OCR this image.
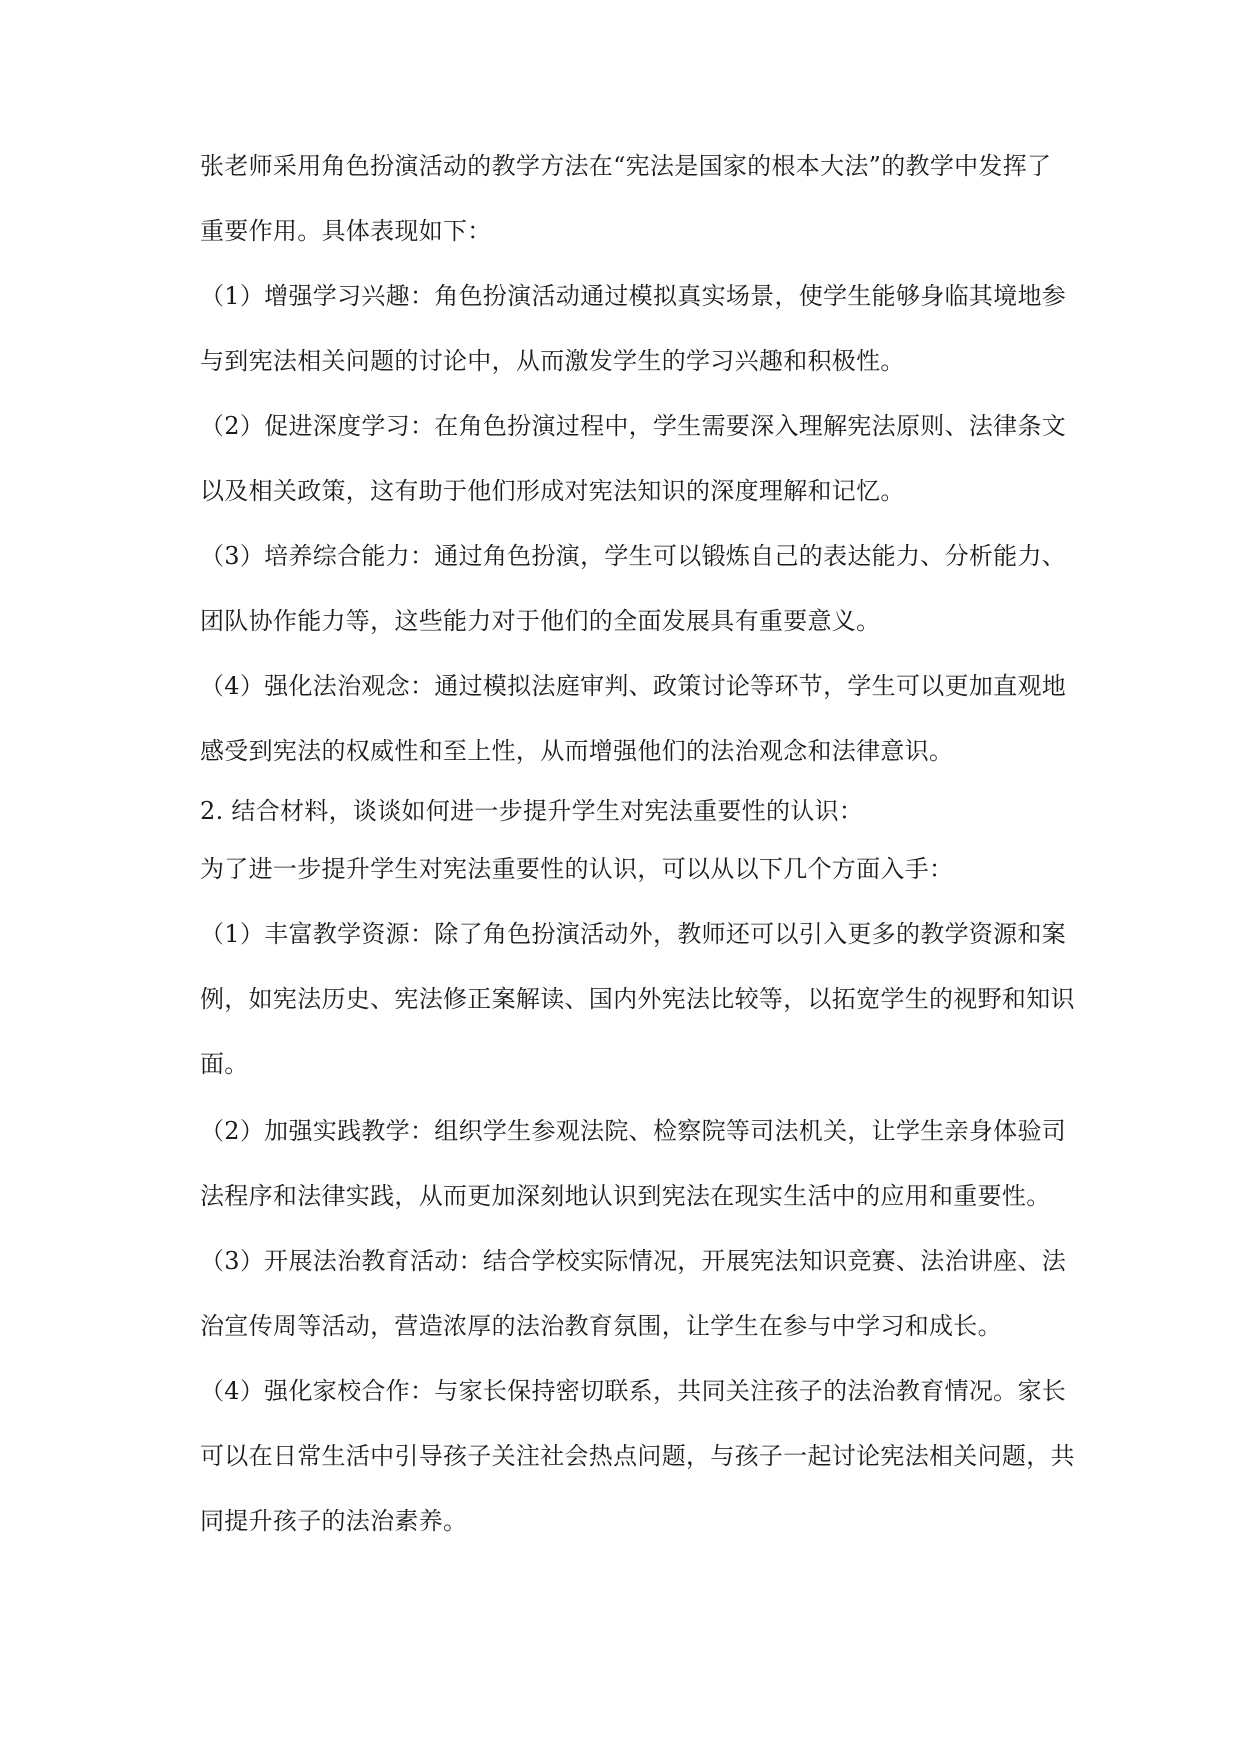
张老师采用角色扮演活动的教学方法在“宪法是国家的根本大法”的教学中发挥了
重要作用。具体表现如下：
（1）增强学习兴趣：角色扮演活动通过模拟真实场景，使学生能够身临其境地参
与到宪法相关问题的讨论中，从而激发学生的学习兴趣和积极性。
（2）促进深度学习：在角色扮演过程中，学生需要深入理解宪法原则、法律条文
以及相关政策，这有助于他们形成对宪法知识的深度理解和记忆。
（3）培养综合能力：通过角色扮演，学生可以锻炼自己的表达能力、分析能力、
团队协作能力等，这些能力对于他们的全面发展具有重要意义。
（4）强化法治观念：通过模拟法庭审判、政策讨论等环节，学生可以更加直观地
感受到宪法的权威性和至上性，从而增强他们的法治观念和法律意识。
2. 结合材料，谈谈如何进一步提升学生对宪法重要性的认识：
为了进一步提升学生对宪法重要性的认识，可以从以下几个方面入手：
（1）丰富教学资源：除了角色扮演活动外，教师还可以引入更多的教学资源和案
例，如宪法历史、宪法修正案解读、国内外宪法比较等，以拓宽学生的视野和知识
面。
（2）加强实践教学：组织学生参观法院、检察院等司法机关，让学生亲身体验司
法程序和法律实践，从而更加深刻地认识到宪法在现实生活中的应用和重要性。
（3）开展法治教育活动：结合学校实际情况，开展宪法知识竞赛、法治讲座、法
治宣传周等活动，营造浓厚的法治教育氛围，让学生在参与中学习和成长。
（4）强化家校合作：与家长保持密切联系，共同关注孩子的法治教育情况。家长
可以在日常生活中引导孩子关注社会热点问题，与孩子一起讨论宪法相关问题，共
同提升孩子的法治素养。
